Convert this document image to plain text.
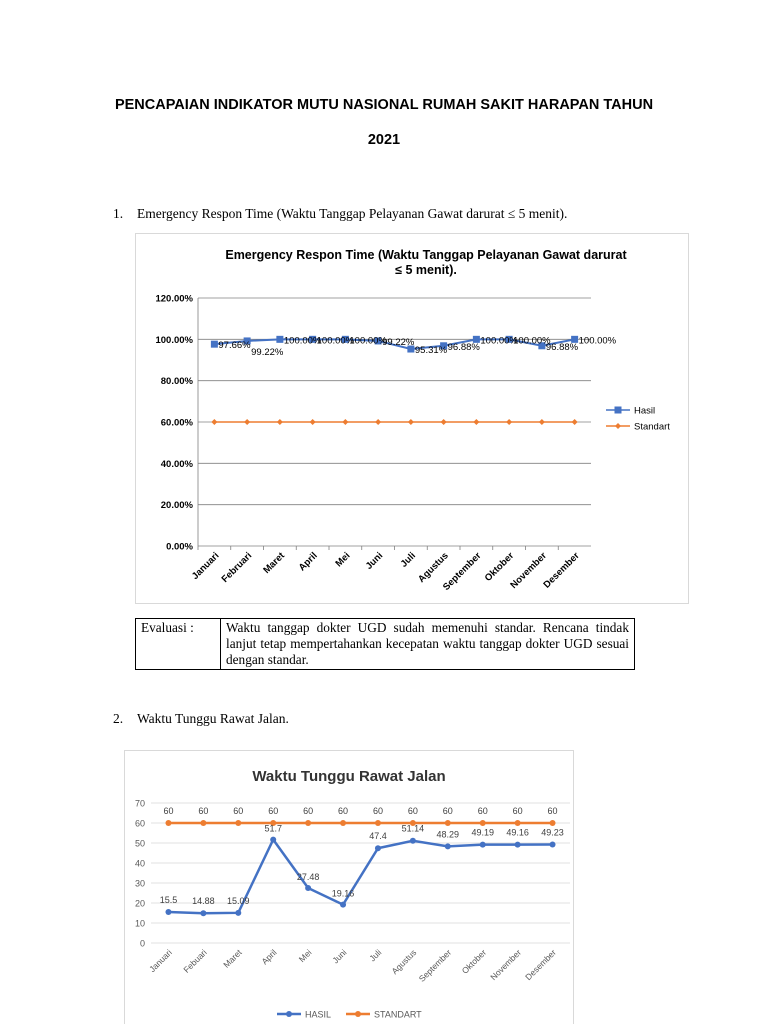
PENCAPAIAN INDIKATOR MUTU NASIONAL RUMAH SAKIT HARAPAN TAHUN
2021
1. Emergency Respon Time (Waktu Tanggap Pelayanan Gawat darurat ≤ 5 menit).
Emergency Respon Time (Waktu Tanggap Pelayanan Gawat darurat
≤ 5 menit).
0.00%
20.00%
40.00%
60.00%
80.00%
100.00%
120.00%
Januari
Februari Maret April Mei Juni Juli
Agustus
September Oktober
November
Desember
97.66%
99.22%
100.00%
100.00%
100.00%
99.22%
95.31% 96.88%
100.00%
100.00%
96.88%
100.00%
Hasil
Standart
Evaluasi :	Waktu tanggap dokter UGD sudah memenuhi standar. Rencana tindak lanjut tetap mempertahankan kecepatan waktu tanggap dokter UGD sesuai dengan standar.
2. Waktu Tunggu Rawat Jalan.
Waktu Tunggu Rawat Jalan
0
10
20
30
40
50
60
70
Januari Febuari Maret April Mei Juni Juli Agustus
September Oktober November Desember
60	60	60	60	60	60	60	60	60	60	60	60
15.5 14.88 15.09
51.7
27.48
19.16
47.4
51.14
48.29 49.19 49.16 49.23
HASIL	STANDART
